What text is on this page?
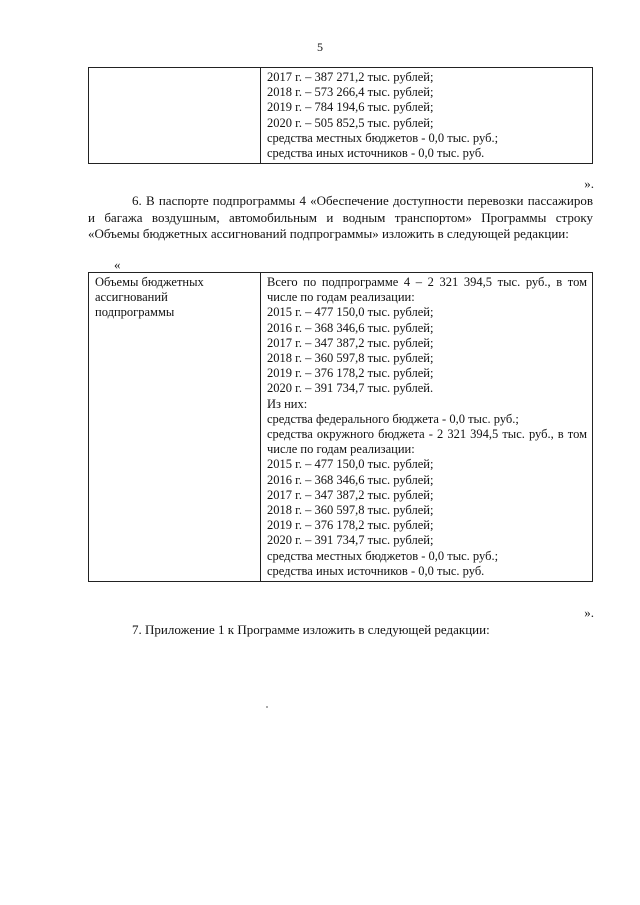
5

2017 г. – 387 271,2 тыс. рублей;
2018 г. – 573 266,4 тыс. рублей;
2019 г. – 784 194,6 тыс. рублей;
2020 г. – 505 852,5 тыс. рублей;
средства местных бюджетов - 0,0 тыс. руб.;
средства иных источников - 0,0 тыс. руб.
».
6. В паспорте подпрограммы 4 «Обеспечение доступности перевозки пассажиров и багажа воздушным, автомобильным и водным транспортом» Программы строку «Объемы бюджетных ассигнований подпрограммы» изложить в следующей редакции:
«
Объемы бюджетных
ассигнований
подпрограммы

Всего по подпрограмме 4 – 2 321 394,5 тыс. руб., в том числе по годам реализации:
2015 г. – 477 150,0 тыс. рублей;
2016 г. – 368 346,6 тыс. рублей;
2017 г. – 347 387,2 тыс. рублей;
2018 г. – 360 597,8 тыс. рублей;
2019 г. – 376 178,2 тыс. рублей;
2020 г. – 391 734,7 тыс. рублей.
Из них:
средства федерального бюджета - 0,0 тыс. руб.;
средства окружного бюджета - 2 321 394,5 тыс. руб., в том числе по годам реализации:
2015 г. – 477 150,0 тыс. рублей;
2016 г. – 368 346,6 тыс. рублей;
2017 г. – 347 387,2 тыс. рублей;
2018 г. – 360 597,8 тыс. рублей;
2019 г. – 376 178,2 тыс. рублей;
2020 г. – 391 734,7 тыс. рублей;
средства местных бюджетов - 0,0 тыс. руб.;
средства иных источников - 0,0 тыс. руб.
».
7. Приложение 1 к Программе изложить в следующей редакции:
